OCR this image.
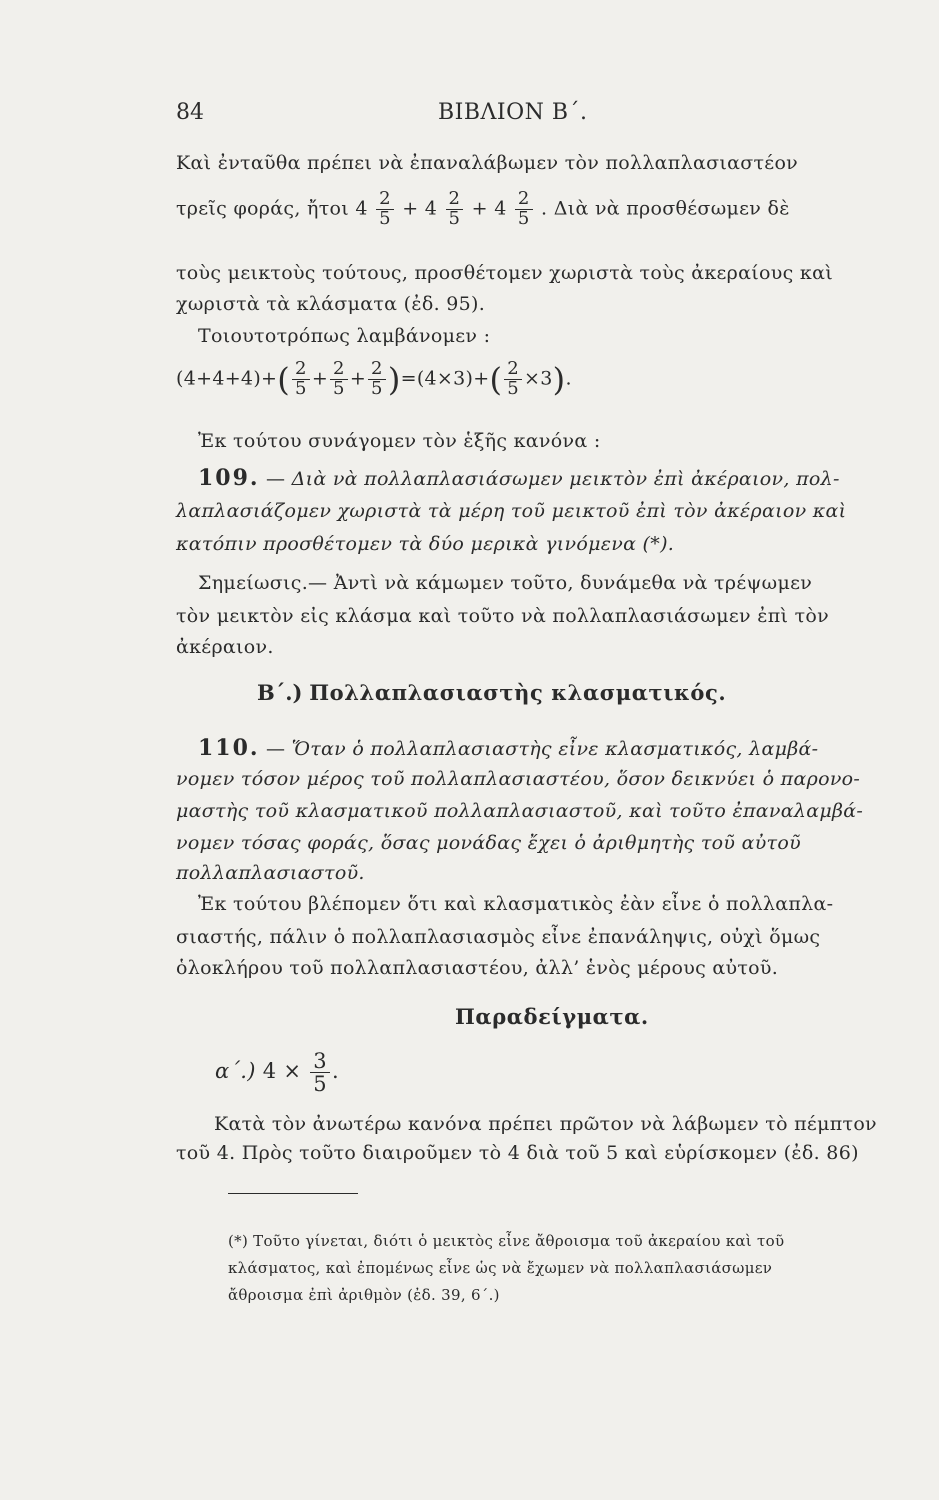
84	ΒΙΒΛΙΟΝ Β΄.
Καὶ ἐνταῦθα πρέπει νὰ ἐπαναλάβωμεν τὸν πολλαπλασιαστέον
τρεῖς φοράς, ἤτοι $4 \frac{2}{5} + 4 \frac{2}{5} + 4 \frac{2}{5}$ . Διὰ νὰ προσθέσωμεν δὲ
τοὺς μεικτοὺς τούτους, προσθέτομεν χωριστὰ τοὺς ἀκεραίους καὶ
χωριστὰ τὰ κλάσματα (ἐδ. 95).
Τοιουτοτρόπως λαμβάνομεν :
$(4+4+4)+( \frac{2}{5} + \frac{2}{5} + \frac{2}{5} )=(4\times 3)+( \frac{2}{5} \times 3)$.
Ἐκ τούτου συνάγομεν τὸν ἑξῆς κανόνα :
109. — Διὰ νὰ πολλαπλασιάσωμεν μεικτὸν ἐπὶ ἀκέραιον, πολ-
λαπλασιάζομεν χωριστὰ τὰ μέρη τοῦ μεικτοῦ ἐπὶ τὸν ἀκέραιον καὶ
κατόπιν προσθέτομεν τὰ δύο μερικὰ γινόμενα (*).
Σημείωσις.— Ἀντὶ νὰ κάμωμεν τοῦτο, δυνάμεθα νὰ τρέψωμεν
τὸν μεικτὸν εἰς κλάσμα καὶ τοῦτο νὰ πολλαπλασιάσωμεν ἐπὶ τὸν
ἀκέραιον.
Β΄.) Πολλαπλασιαστὴς κλασματικός.
110. — Ὅταν ὁ πολλαπλασιαστὴς εἶνε κλασματικός, λαμβά-
νομεν τόσον μέρος τοῦ πολλαπλασιαστέου, ὅσον δεικνύει ὁ παρονο-
μαστὴς τοῦ κλασματικοῦ πολλαπλασιαστοῦ, καὶ τοῦτο ἐπαναλαμβά-
νομεν τόσας φοράς, ὅσας μονάδας ἔχει ὁ ἀριθμητὴς τοῦ αὐτοῦ
πολλαπλασιαστοῦ.
Ἐκ τούτου βλέπομεν ὅτι καὶ κλασματικὸς ἐὰν εἶνε ὁ πολλαπλα-
σιαστής, πάλιν ὁ πολλαπλασιασμὸς εἶνε ἐπανάληψις, οὐχὶ ὅμως
ὁλοκλήρου τοῦ πολλαπλασιαστέου, ἀλλ’ ἑνὸς μέρους αὐτοῦ.
Παραδείγματα.
α΄.) $4 \times \frac{3}{5}$ .
Κατὰ τὸν ἀνωτέρω κανόνα πρέπει πρῶτον νὰ λάβωμεν τὸ πέμπτον
τοῦ 4. Πρὸς τοῦτο διαιροῦμεν τὸ 4 διὰ τοῦ 5 καὶ εὑρίσκομεν (ἐδ. 86)
(*) Τοῦτο γίνεται, διότι ὁ μεικτὸς εἶνε ἄθροισμα τοῦ ἀκεραίου καὶ τοῦ
κλάσματος, καὶ ἐπομένως εἶνε ὡς νὰ ἔχωμεν νὰ πολλαπλασιάσωμεν
ἄθροισμα ἐπὶ ἀριθμὸν (ἐδ. 39, 6΄.)
